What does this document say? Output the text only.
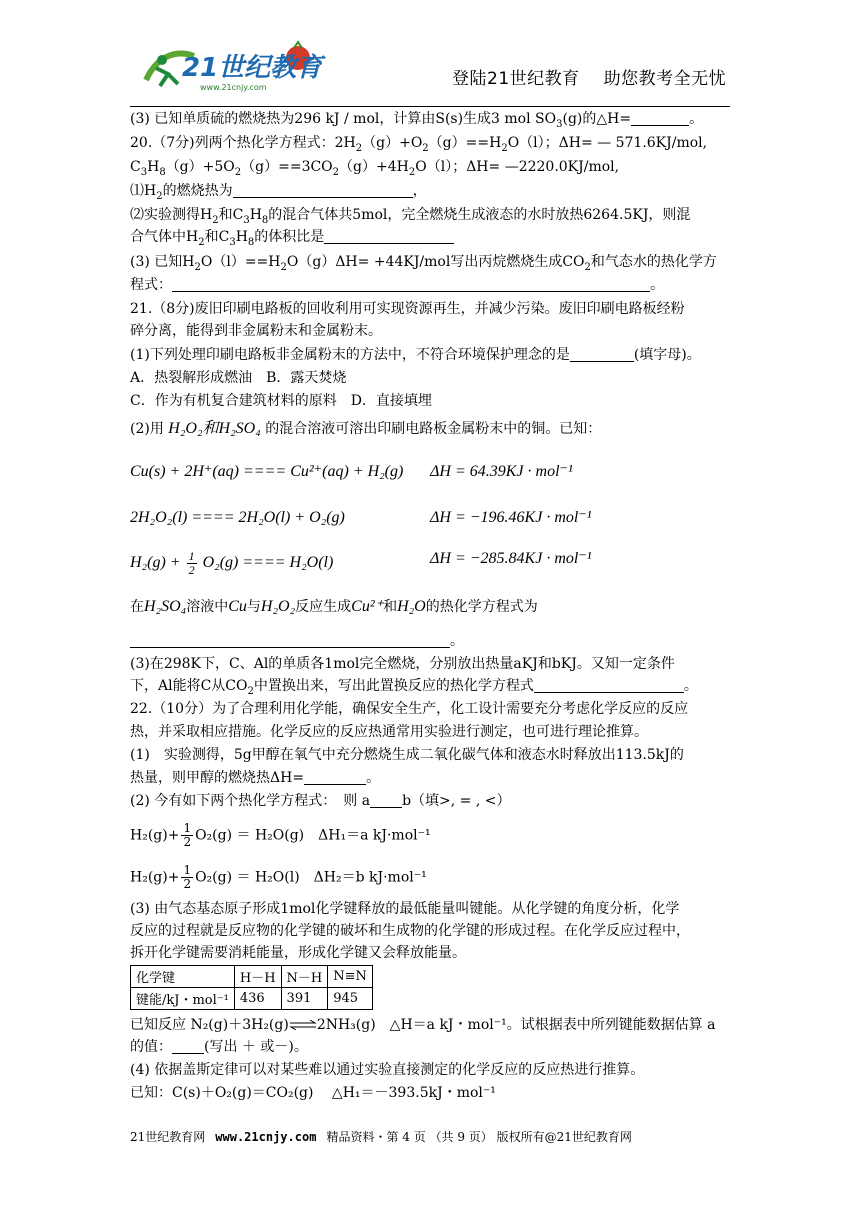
21世纪教育
www.21cnjy.com	登陆21世纪教育 助您教考全无忧
(3) 已知单质硫的燃烧热为296 kJ / mol，计算由S(s)生成3 mol $SO_3(g)$的△H=	。
20.（7分)列两个热化学方程式：$2H_2(g)+O_2(g)==H_2O(l)$；ΔH= — 571.6KJ/mol,
$C_3H_8(g)+5O_2(g)==3CO_2(g)+4H_2O(l)$；ΔH= —2220.0KJ/mol,
$⑴H_2$的燃烧热为	，
⑵实验测得$H_2$和$C_3H_8$的混合气体共5mol，完全燃烧生成液态的水时放热6264.5KJ，则混
合气体中$H_2$和$C_3H_8$的体积比是
(3) 已知$H_2O(l)==H_2O(g)\Delta H= +44KJ/mol$写出丙烷燃烧生成$CO_2$和气态水的热化学方
程式：	。
21.（8分)废旧印刷电路板的回收利用可实现资源再生，并减少污染。废旧印刷电路板经粉
碎分离，能得到非金属粉末和金属粉末。
(1)下列处理印刷电路板非金属粉末的方法中，不符合环境保护理念的是	(填字母)。
A．热裂解形成燃油　B．露天焚烧
C．作为有机复合建筑材料的原料　D．直接填埋
(2)用 H₂O₂和H₂SO₄ 的混合溶液可溶出印刷电路板金属粉末中的铜。已知：
Cu(s) + 2H⁺(aq) ==== Cu²⁺(aq) + H₂(g) ΔH = 64.39KJ · mol⁻¹
2H₂O₂(l) ==== 2H₂O(l) + O₂(g)	ΔH = −196.46KJ · mol⁻¹
$H_2(g) + \frac{1}{2} O_2(g)$ ==== H₂O(l)	ΔH = −285.84KJ · mol⁻¹
在H₂SO₄溶液中Cu与H₂O₂反应生成Cu²⁺和H₂O的热化学方程式为
。
(3)在298K下，C、Al的单质各1mol完全燃烧，分别放出热量aKJ和bKJ。又知一定条件
下，Al能将C从$CO_2$中置换出来，写出此置换反应的热化学方程式	。
22.（10分）为了合理利用化学能，确保安全生产，化工设计需要充分考虑化学反应的反应
热，并采取相应措施。化学反应的反应热通常用实验进行测定，也可进行理论推算。
(1)　实验测得，5g甲醇在氧气中充分燃烧生成二氧化碳气体和液态水时释放出113.5kJ的
热量，则甲醇的燃烧热ΔH=	。
(2) 今有如下两个热化学方程式：　则 a b（填>, = , <）
$H_2(g)+ \frac{1}{2} O_2(g) = H_2O(g)$　ΔH₁＝a kJ·mol⁻¹
$H_2(g)+ \frac{1}{2} O_2(g) = H_2O(l)$　ΔH₂＝b kJ·mol⁻¹
(3) 由气态基态原子形成1mol化学键释放的最低能量叫键能。从化学键的角度分析，化学
反应的过程就是反应物的化学键的破坏和生成物的化学键的形成过程。在化学反应过程中，
拆开化学键需要消耗能量，形成化学键又会释放能量。
化学键	H－H	N－H	N≡N
键能/kJ・mol⁻¹	436	391	945
已知反应 N₂(g)＋3H₂(g)⇌2NH₃(g)　△H＝a kJ・mol⁻¹。试根据表中所列键能数据估算 a
的值： (写出 ＋ 或－)。
(4) 依据盖斯定律可以对某些难以通过实验直接测定的化学反应的反应热进行推算。
已知：C(s)＋O₂(g)＝CO₂(g)　 △H₁＝－393.5kJ・mol⁻¹
21世纪教育网 www.21cnjy.com 精品资料・第 4 页 （共 9 页） 版权所有@21世纪教育网
